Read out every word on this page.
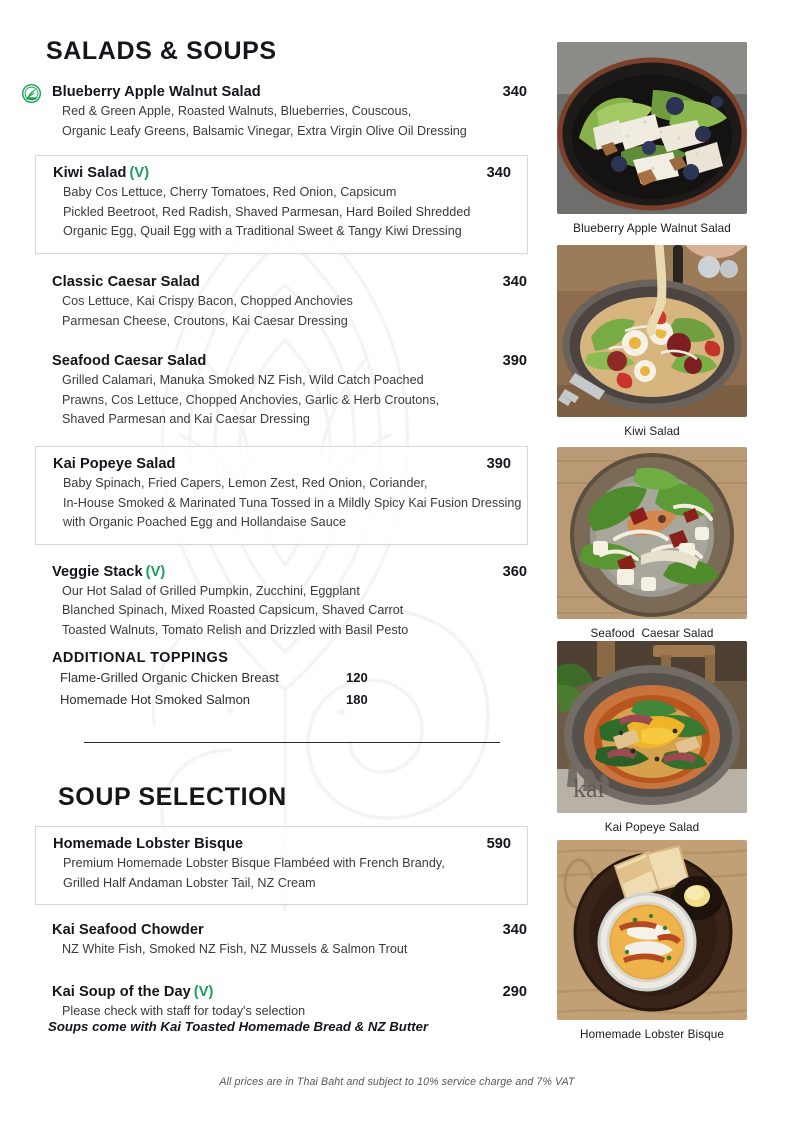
SALADS & SOUPS
Blueberry Apple Walnut Salad	340
Red & Green Apple, Roasted Walnuts, Blueberries, Couscous,
Organic Leafy Greens, Balsamic Vinegar, Extra Virgin Olive Oil Dressing
Kiwi Salad (V)	340
Baby Cos Lettuce, Cherry Tomatoes, Red Onion, Capsicum
Pickled Beetroot, Red Radish, Shaved Parmesan, Hard Boiled Shredded
Organic Egg, Quail Egg with a Traditional Sweet & Tangy Kiwi Dressing
Classic Caesar Salad	340
Cos Lettuce, Kai Crispy Bacon, Chopped Anchovies
Parmesan Cheese, Croutons, Kai Caesar Dressing
Seafood Caesar Salad	390
Grilled Calamari, Manuka Smoked NZ Fish, Wild Catch Poached
Prawns, Cos Lettuce, Chopped Anchovies, Garlic & Herb Croutons,
Shaved Parmesan and Kai Caesar Dressing
Kai Popeye Salad	390
Baby Spinach, Fried Capers, Lemon Zest, Red Onion, Coriander,
In-House Smoked & Marinated Tuna Tossed in a Mildly Spicy Kai Fusion Dressing
with Organic Poached Egg and Hollandaise Sauce
Veggie Stack (V)	360
Our Hot Salad of Grilled Pumpkin, Zucchini, Eggplant
Blanched Spinach, Mixed Roasted Capsicum, Shaved Carrot
Toasted Walnuts, Tomato Relish and Drizzled with Basil Pesto
ADDITIONAL TOPPINGS
Flame-Grilled Organic Chicken Breast	120
Homemade Hot Smoked Salmon	180
SOUP SELECTION
Homemade Lobster Bisque	590
Premium Homemade Lobster Bisque Flambéed with French Brandy,
Grilled Half Andaman Lobster Tail, NZ Cream
Kai Seafood Chowder	340
NZ White Fish, Smoked NZ Fish, NZ Mussels & Salmon Trout
Kai Soup of the Day (V)	290
Please check with staff for today's selection
Soups come with Kai Toasted Homemade Bread & NZ Butter
Blueberry Apple Walnut Salad
Kiwi Salad
Seafood  Caesar Salad
kai
Kai Popeye Salad
Homemade Lobster Bisque
All prices are in Thai Baht and subject to 10% service charge and 7% VAT
